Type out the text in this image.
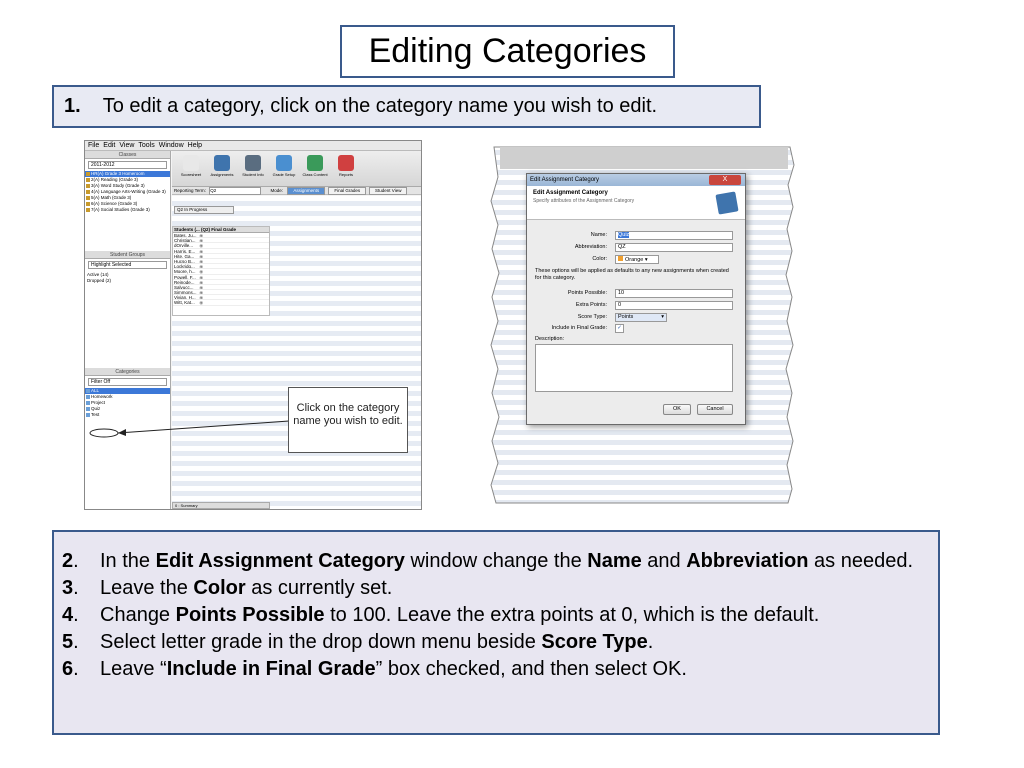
Editing Categories
1. To edit a category, click on the category name you wish to edit.
File Edit View Tools Window Help
Classes
2011-2012
HR(A) Grade 3 Homeroom
2(A) Reading (Grade 3)
3(A) Word Study (Grade 3)
4(A) Language Arts-Writing (Grade 3)
5(A) Math (Grade 3)
6(A) Science (Grade 3)
7(A) Social Studies (Grade 3)
Student Groups
Highlight Selected
Active (14)
Dropped (2)
Categories
Filter Off
ALL
Homework
Project
Quiz
Test
Scoresheet	Assignments	Student Info	Grade Setup	Class Content	Reports
Reporting Term: Q2	Mode: Assignments	Final Grades	Student View
Q2 In Progress
Students (... (Q2) Final Grade
Bates, Ju... ◉
Christian... ◉
dOrville... ◉
Harris, E... ◉
Hite, Ga... ◉
Hucso B... ◉
Lockridg... ◉
Moore, h... ◉
Powell, F... ◉
Reinode... ◉
Salvucc... ◉
Simmons... ◉
Vivian, H... ◉
Witt, Kat... ◉
0 : Summary
Click on the category name you wish to edit.
Edit Assignment Category	X
Edit Assignment Category
Specify attributes of the Assignment Category
Name:	Quiz
Abbreviation:	QZ
Color:	Orange ▾
These options will be applied as defaults to any new assignments when created for this category.
Points Possible:	10
Extra Points:	0
Score Type:	Points	▾
Include in Final Grade:	✓
Description:
OK	Cancel
2.	In the Edit Assignment Category window change the Name and Abbreviation as needed.
3.	Leave the Color as currently set.
4.	Change Points Possible to 100. Leave the extra points at 0, which is the default.
5.	Select letter grade in the drop down menu beside Score Type.
6.	Leave “Include in Final Grade” box checked, and then select OK.
